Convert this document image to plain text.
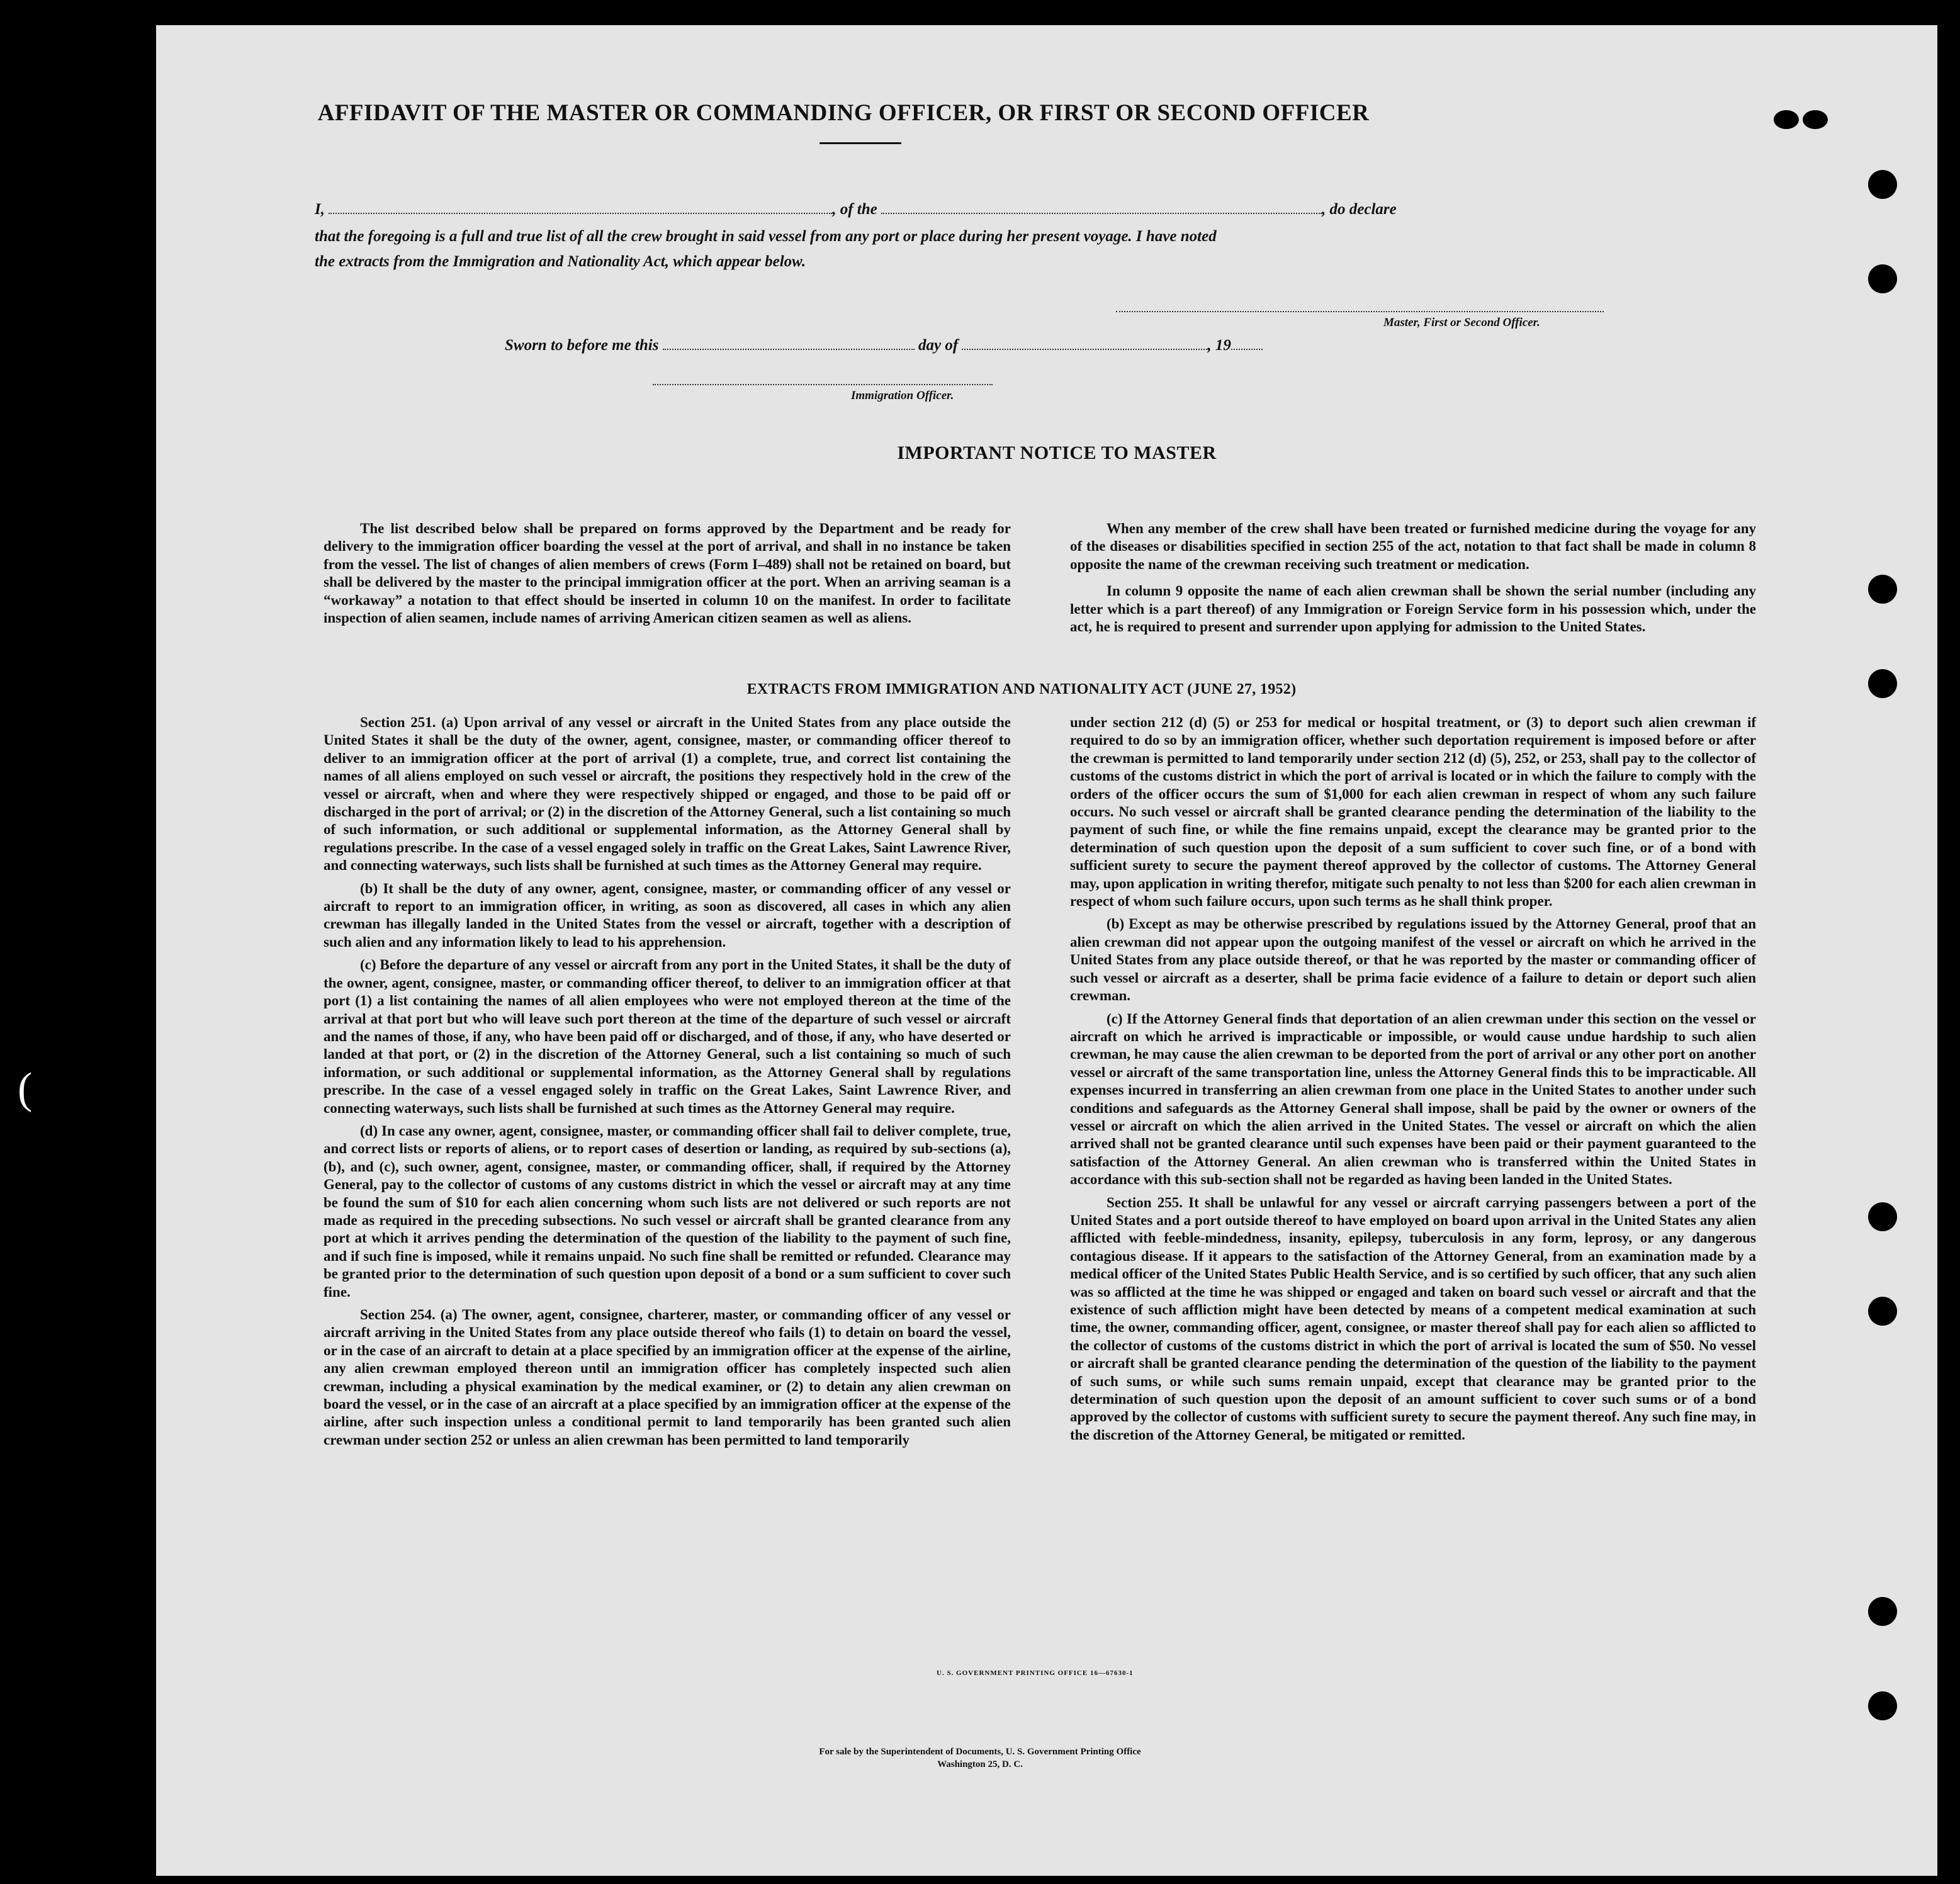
AFFIDAVIT OF THE MASTER OR COMMANDING OFFICER, OR FIRST OR SECOND OFFICER
I,	, of the	, do declare
that the foregoing is a full and true list of all the crew brought in said vessel from any port or place during her present voyage. I have noted
the extracts from the Immigration and Nationality Act, which appear below.
Master, First or Second Officer.
Sworn to before me this	day of	, 19
Immigration Officer.
IMPORTANT NOTICE TO MASTER

The list described below shall be prepared on forms approved by the Department and be ready for delivery to the immigration officer boarding the vessel at the port of arrival, and shall in no instance be taken from the vessel. The list of changes of alien members of crews (Form I–489) shall not be retained on board, but shall be delivered by the master to the principal immigration officer at the port. When an arriving seaman is a “workaway” a notation to that effect should be inserted in column 10 on the manifest. In order to facilitate inspection of alien seamen, include names of arriving American citizen seamen as well as aliens.

When any member of the crew shall have been treated or furnished medicine during the voyage for any of the diseases or disabilities specified in section 255 of the act, notation to that fact shall be made in column 8 opposite the name of the crewman receiving such treatment or medication.

In column 9 opposite the name of each alien crewman shall be shown the serial number (including any letter which is a part thereof) of any Immigration or Foreign Service form in his possession which, under the act, he is required to present and surrender upon applying for admission to the United States.

EXTRACTS FROM IMMIGRATION AND NATIONALITY ACT (JUNE 27, 1952)

Section 251. (a) Upon arrival of any vessel or aircraft in the United States from any place outside the United States it shall be the duty of the owner, agent, consignee, master, or commanding officer thereof to deliver to an immigration officer at the port of arrival (1) a complete, true, and correct list containing the names of all aliens employed on such vessel or aircraft, the positions they respectively hold in the crew of the vessel or aircraft, when and where they were respectively shipped or engaged, and those to be paid off or discharged in the port of arrival; or (2) in the discretion of the Attorney General, such a list containing so much of such information, or such additional or supplemental information, as the Attorney General shall by regulations prescribe. In the case of a vessel engaged solely in traffic on the Great Lakes, Saint Lawrence River, and connecting waterways, such lists shall be furnished at such times as the Attorney General may require.

(b) It shall be the duty of any owner, agent, consignee, master, or commanding officer of any vessel or aircraft to report to an immigration officer, in writing, as soon as discovered, all cases in which any alien crewman has illegally landed in the United States from the vessel or aircraft, together with a description of such alien and any information likely to lead to his apprehension.

(c) Before the departure of any vessel or aircraft from any port in the United States, it shall be the duty of the owner, agent, consignee, master, or commanding officer thereof, to deliver to an immigration officer at that port (1) a list containing the names of all alien employees who were not employed thereon at the time of the arrival at that port but who will leave such port thereon at the time of the departure of such vessel or aircraft and the names of those, if any, who have been paid off or discharged, and of those, if any, who have deserted or landed at that port, or (2) in the discretion of the Attorney General, such a list containing so much of such information, or such additional or supplemental information, as the Attorney General shall by regulations prescribe. In the case of a vessel engaged solely in traffic on the Great Lakes, Saint Lawrence River, and connecting waterways, such lists shall be furnished at such times as the Attorney General may require.

(d) In case any owner, agent, consignee, master, or commanding officer shall fail to deliver complete, true, and correct lists or reports of aliens, or to report cases of desertion or landing, as required by sub-sections (a), (b), and (c), such owner, agent, consignee, master, or commanding officer, shall, if required by the Attorney General, pay to the collector of customs of any customs district in which the vessel or aircraft may at any time be found the sum of $10 for each alien concerning whom such lists are not delivered or such reports are not made as required in the preceding subsections. No such vessel or aircraft shall be granted clearance from any port at which it arrives pending the determination of the question of the liability to the payment of such fine, and if such fine is imposed, while it remains unpaid. No such fine shall be remitted or refunded. Clearance may be granted prior to the determination of such question upon deposit of a bond or a sum sufficient to cover such fine.

Section 254. (a) The owner, agent, consignee, charterer, master, or commanding officer of any vessel or aircraft arriving in the United States from any place outside thereof who fails (1) to detain on board the vessel, or in the case of an aircraft to detain at a place specified by an immigration officer at the expense of the airline, any alien crewman employed thereon until an immigration officer has completely inspected such alien crewman, including a physical examination by the medical examiner, or (2) to detain any alien crewman on board the vessel, or in the case of an aircraft at a place specified by an immigration officer at the expense of the airline, after such inspection unless a conditional permit to land temporarily has been granted such alien crewman under section 252 or unless an alien crewman has been permitted to land temporarily

under section 212 (d) (5) or 253 for medical or hospital treatment, or (3) to deport such alien crewman if required to do so by an immigration officer, whether such deportation requirement is imposed before or after the crewman is permitted to land temporarily under section 212 (d) (5), 252, or 253, shall pay to the collector of customs of the customs district in which the port of arrival is located or in which the failure to comply with the orders of the officer occurs the sum of $1,000 for each alien crewman in respect of whom any such failure occurs. No such vessel or aircraft shall be granted clearance pending the determination of the liability to the payment of such fine, or while the fine remains unpaid, except the clearance may be granted prior to the determination of such question upon the deposit of a sum sufficient to cover such fine, or of a bond with sufficient surety to secure the payment thereof approved by the collector of customs. The Attorney General may, upon application in writing therefor, mitigate such penalty to not less than $200 for each alien crewman in respect of whom such failure occurs, upon such terms as he shall think proper.

(b) Except as may be otherwise prescribed by regulations issued by the Attorney General, proof that an alien crewman did not appear upon the outgoing manifest of the vessel or aircraft on which he arrived in the United States from any place outside thereof, or that he was reported by the master or commanding officer of such vessel or aircraft as a deserter, shall be prima facie evidence of a failure to detain or deport such alien crewman.

(c) If the Attorney General finds that deportation of an alien crewman under this section on the vessel or aircraft on which he arrived is impracticable or impossible, or would cause undue hardship to such alien crewman, he may cause the alien crewman to be deported from the port of arrival or any other port on another vessel or aircraft of the same transportation line, unless the Attorney General finds this to be impracticable. All expenses incurred in transferring an alien crewman from one place in the United States to another under such conditions and safeguards as the Attorney General shall impose, shall be paid by the owner or owners of the vessel or aircraft on which the alien arrived in the United States. The vessel or aircraft on which the alien arrived shall not be granted clearance until such expenses have been paid or their payment guaranteed to the satisfaction of the Attorney General. An alien crewman who is transferred within the United States in accordance with this sub-section shall not be regarded as having been landed in the United States.

Section 255. It shall be unlawful for any vessel or aircraft carrying passengers between a port of the United States and a port outside thereof to have employed on board upon arrival in the United States any alien afflicted with feeble-mindedness, insanity, epilepsy, tuberculosis in any form, leprosy, or any dangerous contagious disease. If it appears to the satisfaction of the Attorney General, from an examination made by a medical officer of the United States Public Health Service, and is so certified by such officer, that any such alien was so afflicted at the time he was shipped or engaged and taken on board such vessel or aircraft and that the existence of such affliction might have been detected by means of a competent medical examination at such time, the owner, commanding officer, agent, consignee, or master thereof shall pay for each alien so afflicted to the collector of customs of the customs district in which the port of arrival is located the sum of $50. No vessel or aircraft shall be granted clearance pending the determination of the question of the liability to the payment of such sums, or while such sums remain unpaid, except that clearance may be granted prior to the determination of such question upon the deposit of an amount sufficient to cover such sums or of a bond approved by the collector of customs with sufficient surety to secure the payment thereof. Any such fine may, in the discretion of the Attorney General, be mitigated or remitted.

U. S. GOVERNMENT PRINTING OFFICE 16—67630-1
For sale by the Superintendent of Documents, U. S. Government Printing Office
Washington 25, D. C.
(
